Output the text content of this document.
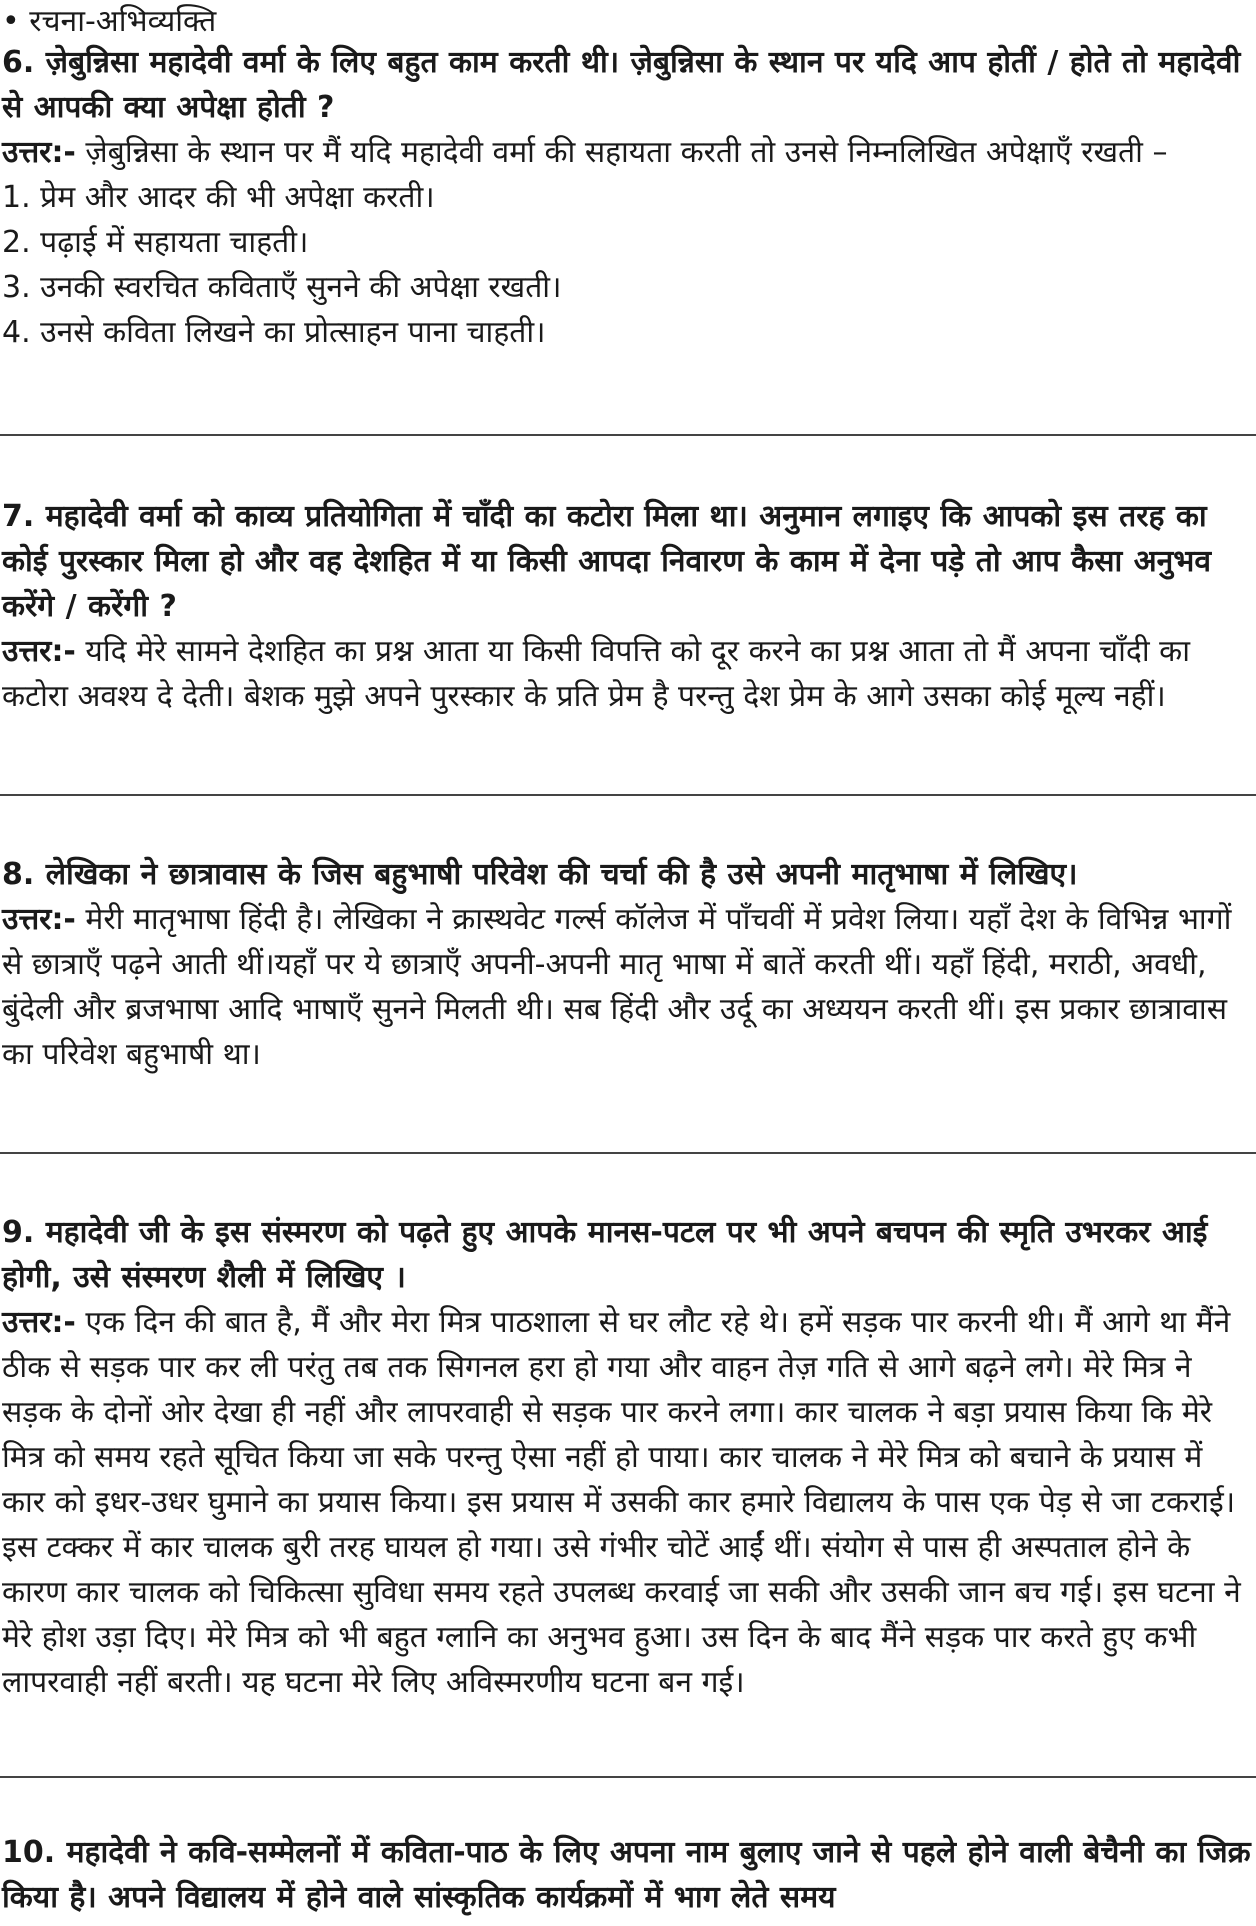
• रचना-अभिव्यक्ति

6. ज़ेबुन्निसा महादेवी वर्मा के लिए बहुत काम करती थी। ज़ेबुन्निसा के स्थान पर यदि आप होतीं / होते तो महादेवी से आपकी क्या अपेक्षा होती ?

उत्तर:- ज़ेबुन्निसा के स्थान पर मैं यदि महादेवी वर्मा की सहायता करती तो उनसे निम्नलिखित अपेक्षाएँ रखती –

1. प्रेम और आदर की भी अपेक्षा करती।

2. पढ़ाई में सहायता चाहती।

3. उनकी स्वरचित कविताएँ सुनने की अपेक्षा रखती।

4. उनसे कविता लिखने का प्रोत्साहन पाना चाहती।

7. महादेवी वर्मा को काव्य प्रतियोगिता में चाँदी का कटोरा मिला था। अनुमान लगाइए कि आपको इस तरह का कोई पुरस्कार मिला हो और वह देशहित में या किसी आपदा निवारण के काम में देना पड़े तो आप कैसा अनुभव करेंगे / करेंगी ?

उत्तर:- यदि मेरे सामने देशहित का प्रश्न आता या किसी विपत्ति को दूर करने का प्रश्न आता तो मैं अपना चाँदी का कटोरा अवश्य दे देती। बेशक मुझे अपने पुरस्कार के प्रति प्रेम है परन्तु देश प्रेम के आगे उसका कोई मूल्य नहीं।

8. लेखिका ने छात्रावास के जिस बहुभाषी परिवेश की चर्चा की है उसे अपनी मातृभाषा में लिखिए।

उत्तर:- मेरी मातृभाषा हिंदी है। लेखिका ने क्रास्थवेट गर्ल्स कॉलेज में पाँचवीं में प्रवेश लिया। यहाँ देश के विभिन्न भागों से छात्राएँ पढ़ने आती थीं।यहाँ पर ये छात्राएँ अपनी-अपनी मातृ भाषा में बातें करती थीं। यहाँ हिंदी, मराठी, अवधी, बुंदेली और ब्रजभाषा आदि भाषाएँ सुनने मिलती थी। सब हिंदी और उर्दू का अध्ययन करती थीं। इस प्रकार छात्रावास का परिवेश बहुभाषी था।

9. महादेवी जी के इस संस्मरण को पढ़ते हुए आपके मानस-पटल पर भी अपने बचपन की स्मृति उभरकर आई होगी, उसे संस्मरण शैली में लिखिए ।

उत्तर:- एक दिन की बात है, मैं और मेरा मित्र पाठशाला से घर लौट रहे थे। हमें सड़क पार करनी थी। मैं आगे था मैंने ठीक से सड़क पार कर ली परंतु तब तक सिगनल हरा हो गया और वाहन तेज़ गति से आगे बढ़ने लगे। मेरे मित्र ने सड़क के दोनों ओर देखा ही नहीं और लापरवाही से सड़क पार करने लगा। कार चालक ने बड़ा प्रयास किया कि मेरे मित्र को समय रहते सूचित किया जा सके परन्तु ऐसा नहीं हो पाया। कार चालक ने मेरे मित्र को बचाने के प्रयास में कार को इधर-उधर घुमाने का प्रयास किया। इस प्रयास में उसकी कार हमारे विद्यालय के पास एक पेड़ से जा टकराई। इस टक्कर में कार चालक बुरी तरह घायल हो गया। उसे गंभीर चोटें आईं थीं। संयोग से पास ही अस्पताल होने के कारण कार चालक को चिकित्सा सुविधा समय रहते उपलब्ध करवाई जा सकी और उसकी जान बच गई। इस घटना ने मेरे होश उड़ा दिए। मेरे मित्र को भी बहुत ग्लानि का अनुभव हुआ। उस दिन के बाद मैंने सड़क पार करते हुए कभी लापरवाही नहीं बरती। यह घटना मेरे लिए अविस्मरणीय घटना बन गई।

10. महादेवी ने कवि-सम्मेलनों में कविता-पाठ के लिए अपना नाम बुलाए जाने से पहले होने वाली बेचैनी का जिक्र किया है। अपने विद्यालय में होने वाले सांस्कृतिक कार्यक्रमों में भाग लेते समय
